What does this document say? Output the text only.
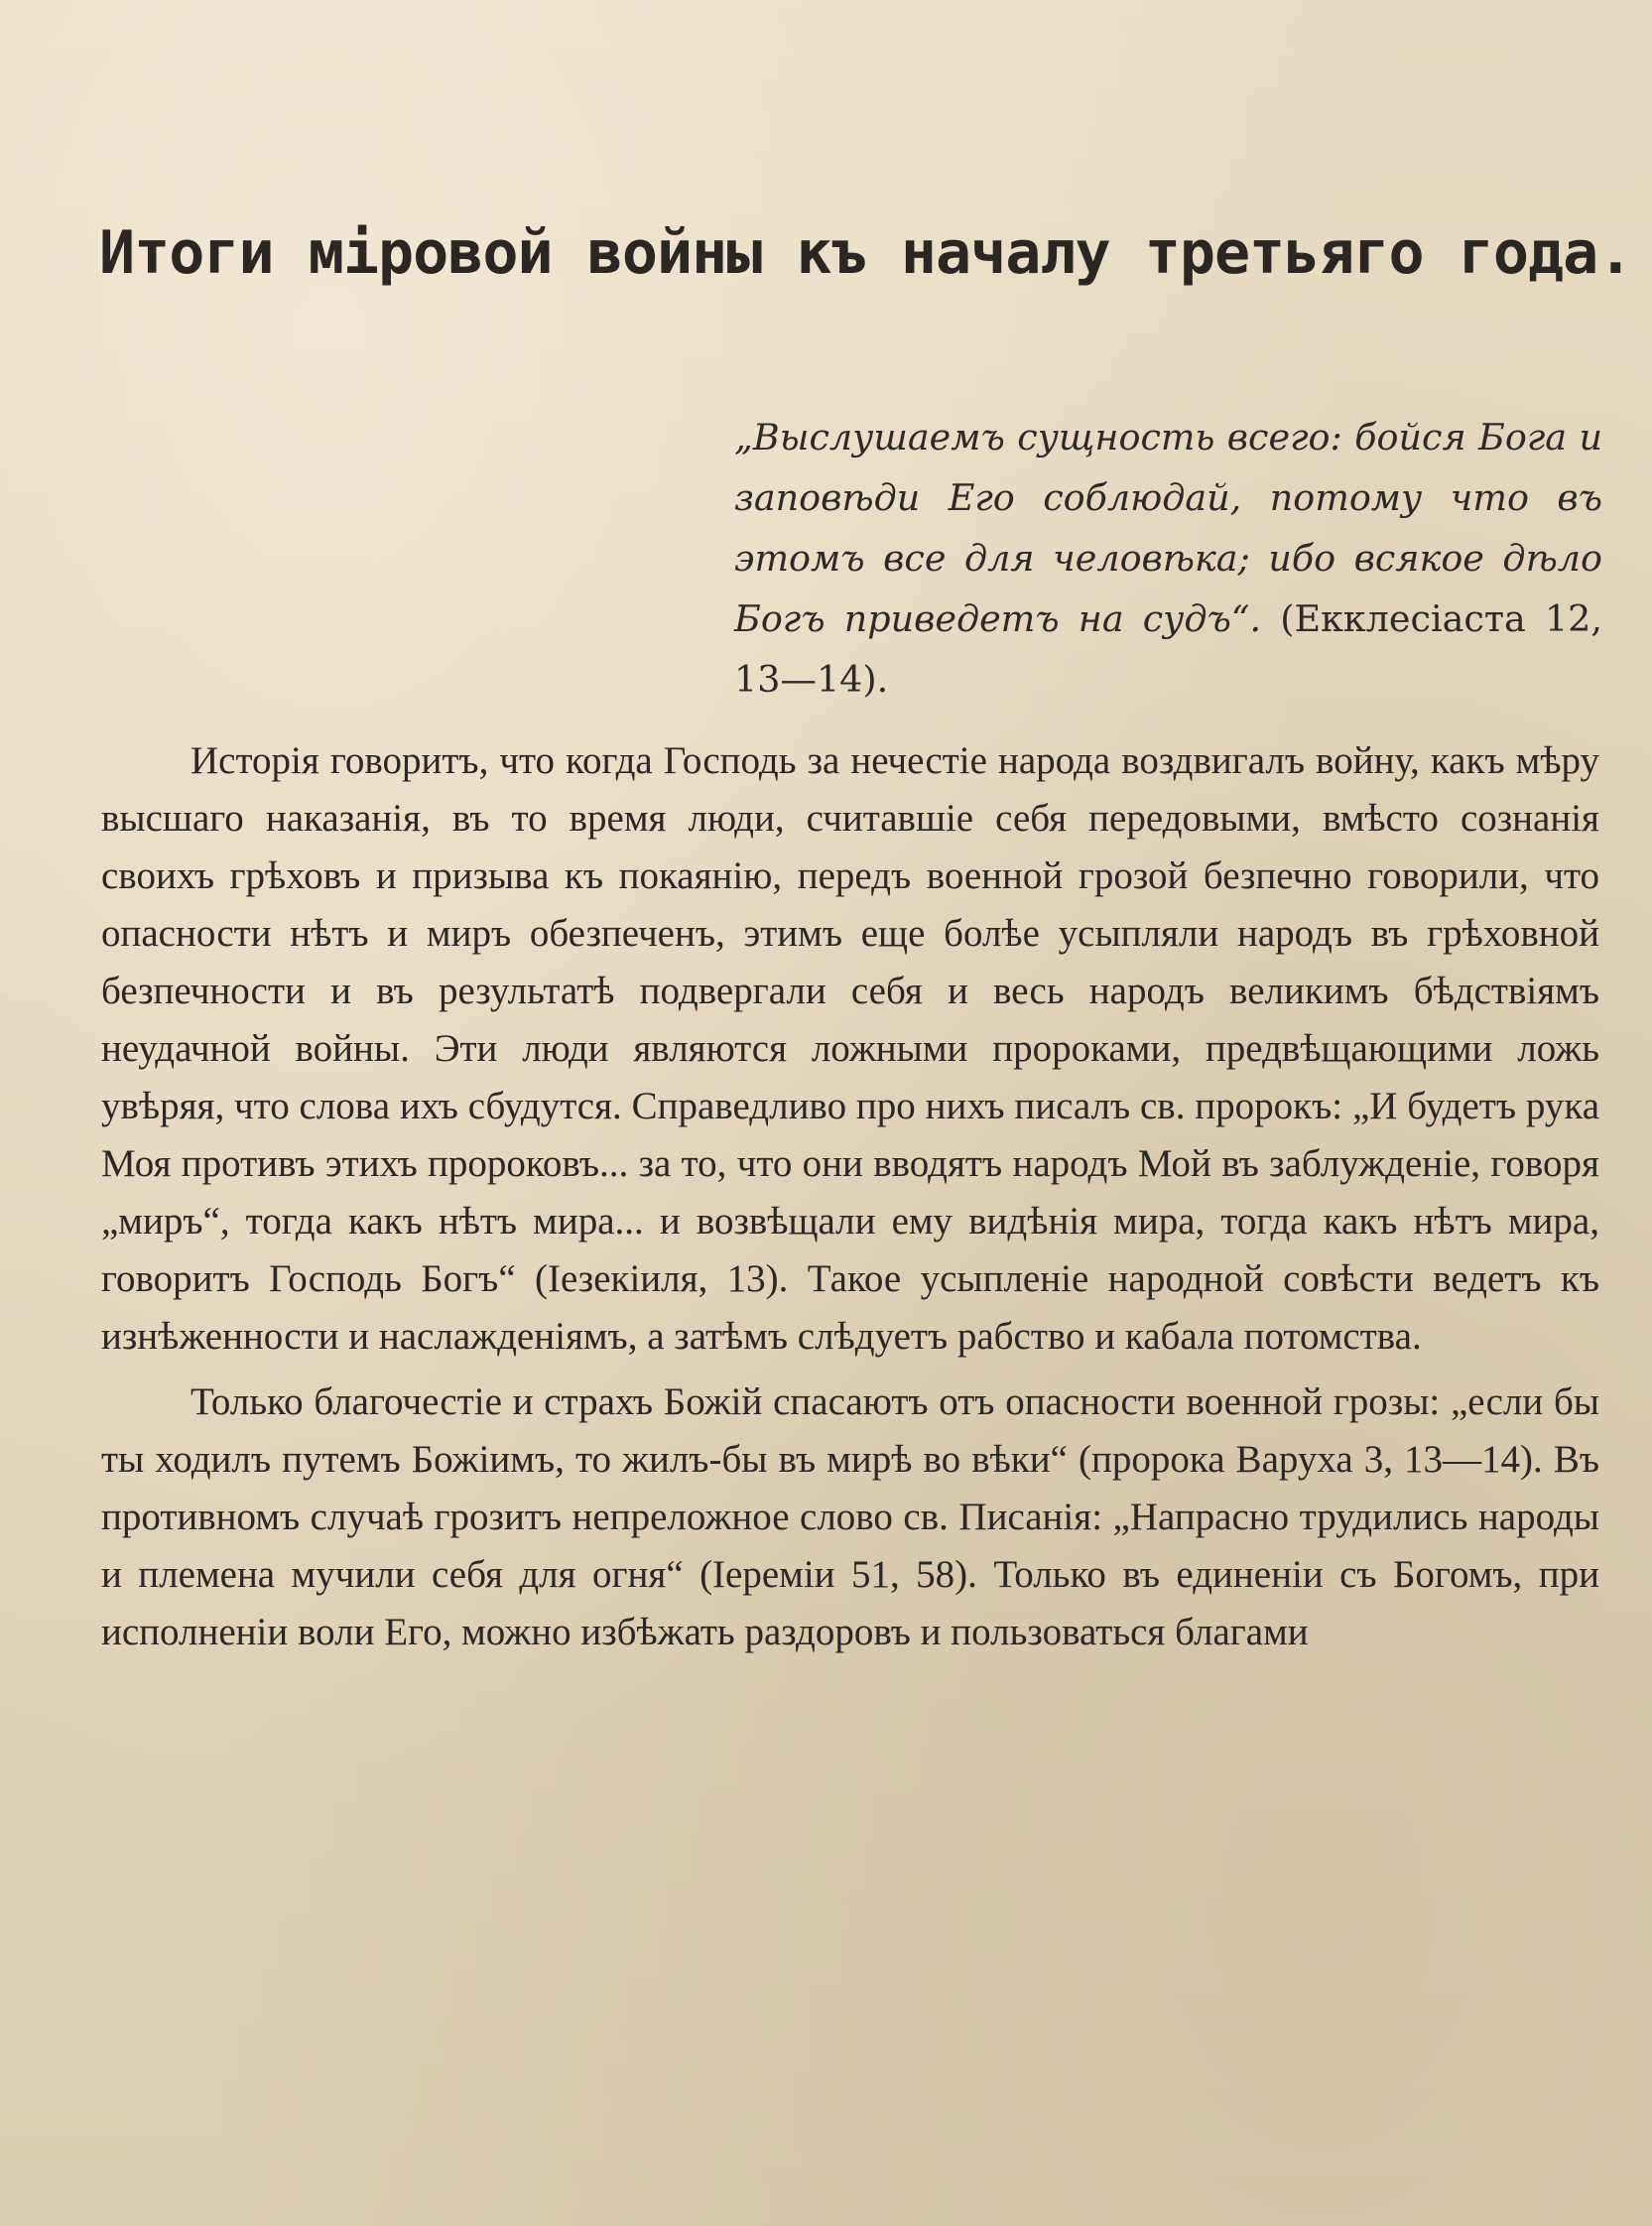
Итоги міровой войны къ началу третьяго года.

„Выслушаемъ сущность всего: бойся Бога и заповѣди Его соблюдай, потому что въ этомъ все для человѣка; ибо всякое дѣло Богъ приведетъ на судъ“. (Екклесіаста 12, 13—14).

Исторія говоритъ, что когда Господь за нечестіе народа воздвигалъ войну, какъ мѣру высшаго наказанія, въ то время люди, считавшіе себя передовыми, вмѣсто сознанія своихъ грѣховъ и призыва къ покаянію, передъ военной грозой безпечно говорили, что опасности нѣтъ и миръ обезпеченъ, этимъ еще болѣе усыпляли народъ въ грѣховной безпечности и въ результатѣ подвергали себя и весь народъ великимъ бѣдствіямъ неудачной войны. Эти люди являются ложными пророками, предвѣщающими ложь увѣряя, что слова ихъ сбудутся. Справедливо про нихъ писалъ св. пророкъ: „И будетъ рука Моя противъ этихъ пророковъ... за то, что они вводятъ народъ Мой въ заблужденіе, говоря „миръ“, тогда какъ нѣтъ мира... и возвѣщали ему видѣнія мира, тогда какъ нѣтъ мира, говоритъ Господь Богъ“ (Іезекіиля, 13). Такое усыпленіе народной совѣсти ведетъ къ изнѣженности и наслажденіямъ, а затѣмъ слѣдуетъ рабство и кабала потомства.

Только благочестіе и страхъ Божій спасаютъ отъ опасности военной грозы: „если бы ты ходилъ путемъ Божіимъ, то жилъ-бы въ мирѣ во вѣки“ (пророка Варуха 3, 13—14). Въ противномъ случаѣ грозитъ непреложное слово св. Писанія: „Напрасно трудились народы и племена мучили себя для огня“ (Іереміи 51, 58). Только въ единеніи съ Богомъ, при исполненіи воли Его, можно избѣжать раздоровъ и пользоваться благами
